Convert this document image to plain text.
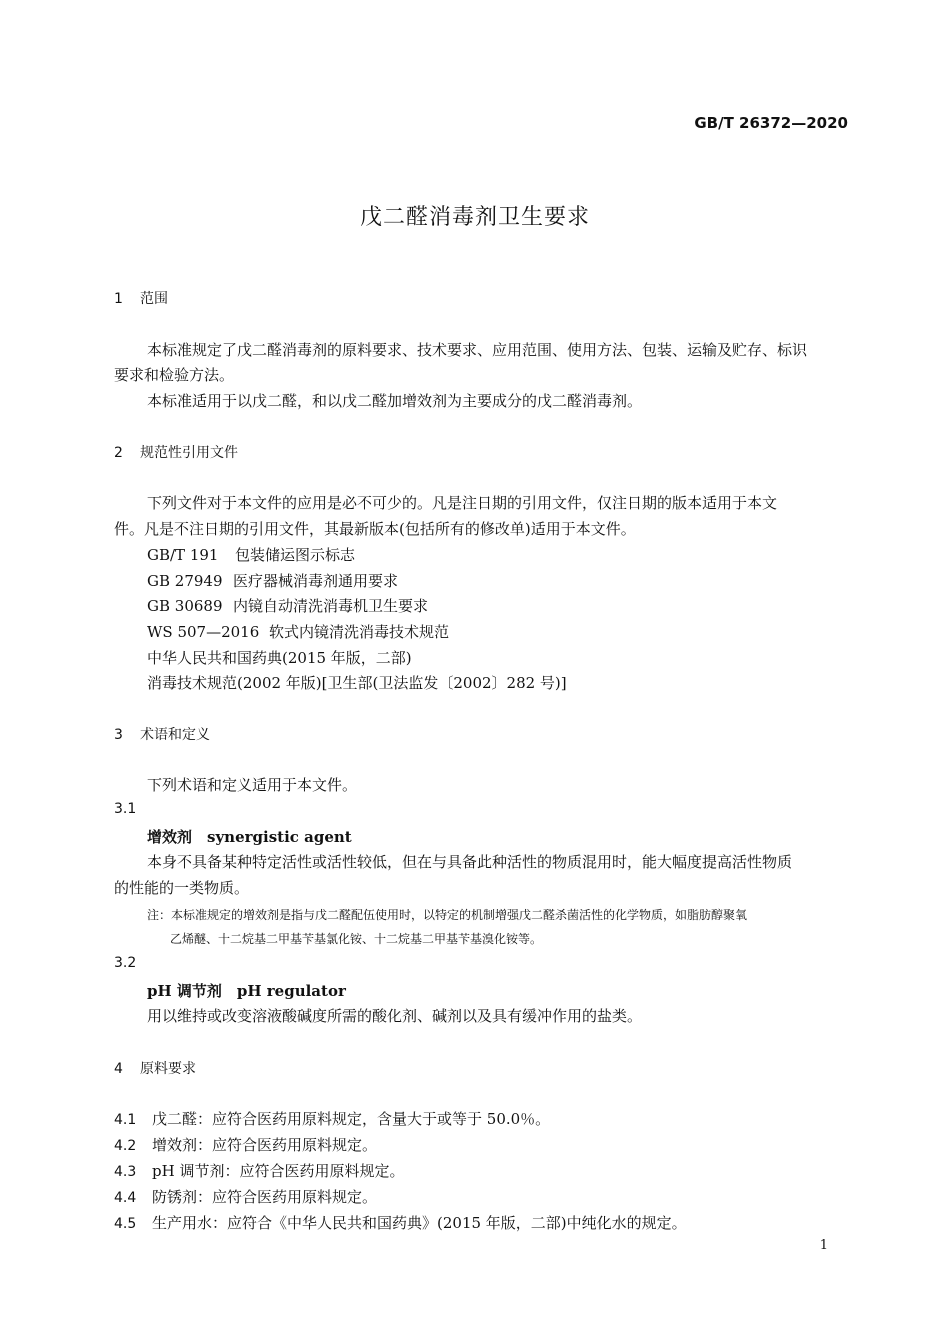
GB/T 26372—2020
戊二醛消毒剂卫生要求
1 范围
本标准规定了戊二醛消毒剂的原料要求、技术要求、应用范围、使用方法、包装、运输及贮存、标识
要求和检验方法。
本标准适用于以戊二醛，和以戊二醛加增效剂为主要成分的戊二醛消毒剂。
2 规范性引用文件
下列文件对于本文件的应用是必不可少的。凡是注日期的引用文件，仅注日期的版本适用于本文
件。凡是不注日期的引用文件，其最新版本(包括所有的修改单)适用于本文件。
GB/T 191 包装储运图示标志
GB 27949 医疗器械消毒剂通用要求
GB 30689 内镜自动清洗消毒机卫生要求
WS 507—2016 软式内镜清洗消毒技术规范
中华人民共和国药典(2015 年版，二部)
消毒技术规范(2002 年版)[卫生部(卫法监发〔2002〕282 号)]
3 术语和定义
下列术语和定义适用于本文件。
3.1
增效剂　synergistic agent
本身不具备某种特定活性或活性较低，但在与具备此种活性的物质混用时，能大幅度提高活性物质
的性能的一类物质。
注：本标准规定的增效剂是指与戊二醛配伍使用时，以特定的机制增强戊二醛杀菌活性的化学物质，如脂肪醇聚氧
乙烯醚、十二烷基二甲基苄基氯化铵、十二烷基二甲基苄基溴化铵等。
3.2
pH 调节剂　pH regulator
用以维持或改变溶液酸碱度所需的酸化剂、碱剂以及具有缓冲作用的盐类。
4 原料要求
4.1 戊二醛：应符合医药用原料规定，含量大于或等于 50.0％。
4.2 增效剂：应符合医药用原料规定。
4.3 pH 调节剂：应符合医药用原料规定。
4.4 防锈剂：应符合医药用原料规定。
4.5 生产用水：应符合《中华人民共和国药典》(2015 年版，二部)中纯化水的规定。
1
